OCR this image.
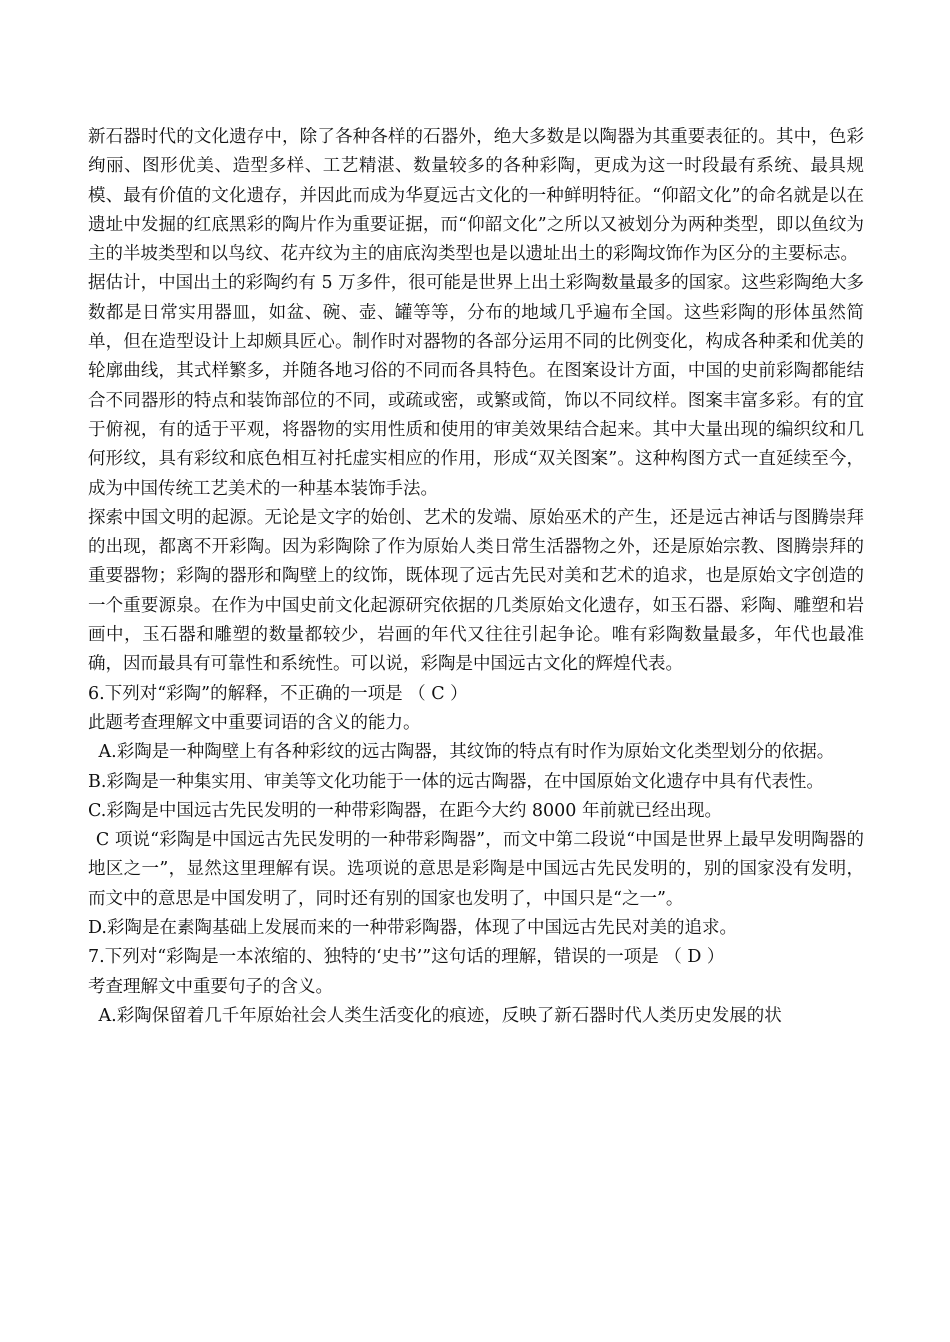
新石器时代的文化遗存中，除了各种各样的石器外，绝大多数是以陶器为其重要表征的。其中，色彩绚丽、图形优美、造型多样、工艺精湛、数量较多的各种彩陶，更成为这一时段最有系统、最具规模、最有价值的文化遗存，并因此而成为华夏远古文化的一种鲜明特征。“仰韶文化”的命名就是以在遗址中发掘的红底黑彩的陶片作为重要证据，而“仰韶文化”之所以又被划分为两种类型，即以鱼纹为主的半坡类型和以鸟纹、花卉纹为主的庙底沟类型也是以遗址出土的彩陶坟饰作为区分的主要标志。

据估计，中国出土的彩陶约有 5 万多件，很可能是世界上出土彩陶数量最多的国家。这些彩陶绝大多数都是日常实用器皿，如盆、碗、壶、罐等等，分布的地域几乎遍布全国。这些彩陶的形体虽然简单，但在造型设计上却颇具匠心。制作时对器物的各部分运用不同的比例变化，构成各种柔和优美的轮廓曲线，其式样繁多，并随各地习俗的不同而各具特色。在图案设计方面，中国的史前彩陶都能结合不同器形的特点和装饰部位的不同，或疏或密，或繁或简，饰以不同纹样。图案丰富多彩。有的宜于俯视，有的适于平观，将器物的实用性质和使用的审美效果结合起来。其中大量出现的编织纹和几何形纹，具有彩纹和底色相互衬托虚实相应的作用，形成“双关图案”。这种构图方式一直延续至今，成为中国传统工艺美术的一种基本装饰手法。

探索中国文明的起源。无论是文字的始创、艺术的发端、原始巫术的产生，还是远古神话与图腾崇拜的出现，都离不开彩陶。因为彩陶除了作为原始人类日常生活器物之外，还是原始宗教、图腾崇拜的重要器物；彩陶的器形和陶壁上的纹饰，既体现了远古先民对美和艺术的追求，也是原始文字创造的一个重要源泉。在作为中国史前文化起源研究依据的几类原始文化遗存，如玉石器、彩陶、雕塑和岩画中，玉石器和雕塑的数量都较少，岩画的年代又往往引起争论。唯有彩陶数量最多，年代也最准确，因而最具有可靠性和系统性。可以说，彩陶是中国远古文化的辉煌代表。

6.下列对“彩陶”的解释，不正确的一项是 （ C ）

此题考查理解文中重要词语的含义的能力。

A.彩陶是一种陶壁上有各种彩纹的远古陶器，其纹饰的特点有时作为原始文化类型划分的依据。

B.彩陶是一种集实用、审美等文化功能于一体的远古陶器，在中国原始文化遗存中具有代表性。

C.彩陶是中国远古先民发明的一种带彩陶器，在距今大约 8000 年前就已经出现。

C 项说“彩陶是中国远古先民发明的一种带彩陶器”，而文中第二段说“中国是世界上最早发明陶器的地区之一”，显然这里理解有误。选项说的意思是彩陶是中国远古先民发明的，别的国家没有发明，而文中的意思是中国发明了，同时还有别的国家也发明了，中国只是“之一”。

D.彩陶是在素陶基础上发展而来的一种带彩陶器，体现了中国远古先民对美的追求。

7.下列对“彩陶是一本浓缩的、独特的‘史书’”这句话的理解，错误的一项是 （ D ）

考查理解文中重要句子的含义。

A.彩陶保留着几千年原始社会人类生活变化的痕迹，反映了新石器时代人类历史发展的状
